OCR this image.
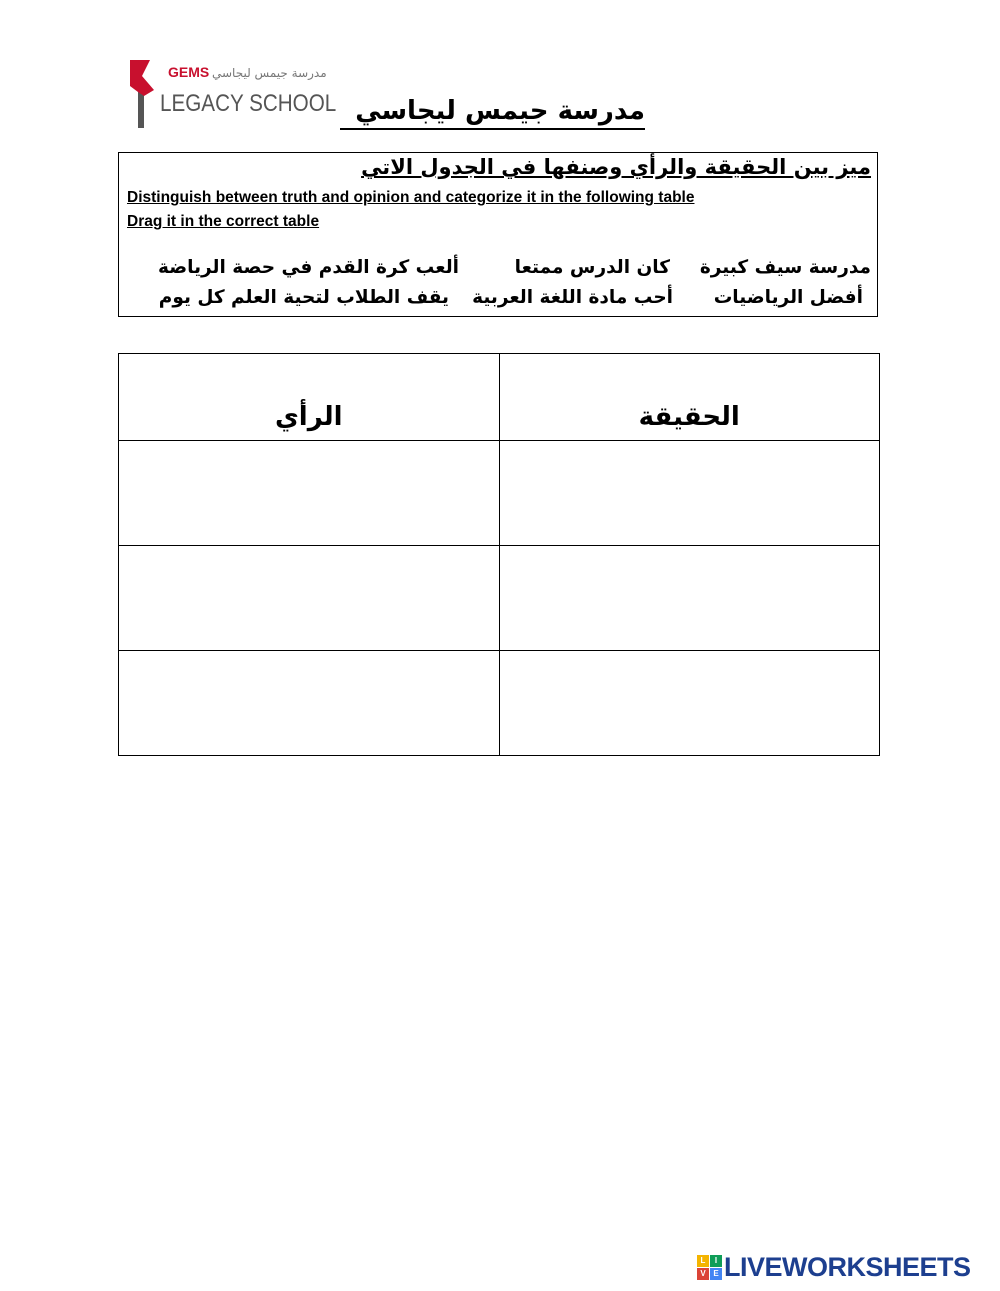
GEMS مدرسة جيمس ليجاسي
LEGACY SCHOOL مدرسة جيمس ليجاسي
ميز بين الحقيقة والرأي وصنفها في الجدول الاتي
Distinguish between truth and opinion and categorize it in the following table
Drag it in the correct table
مدرسة سيف كبيرة
كان الدرس ممتعا
ألعب كرة القدم في حصة الرياضة
أفضل الرياضيات
أحب مادة اللغة العربية
يقف الطلاب لتحية العلم كل يوم
الرأي	الحقيقة

L	I
V E LIVEWORKSHEETS
